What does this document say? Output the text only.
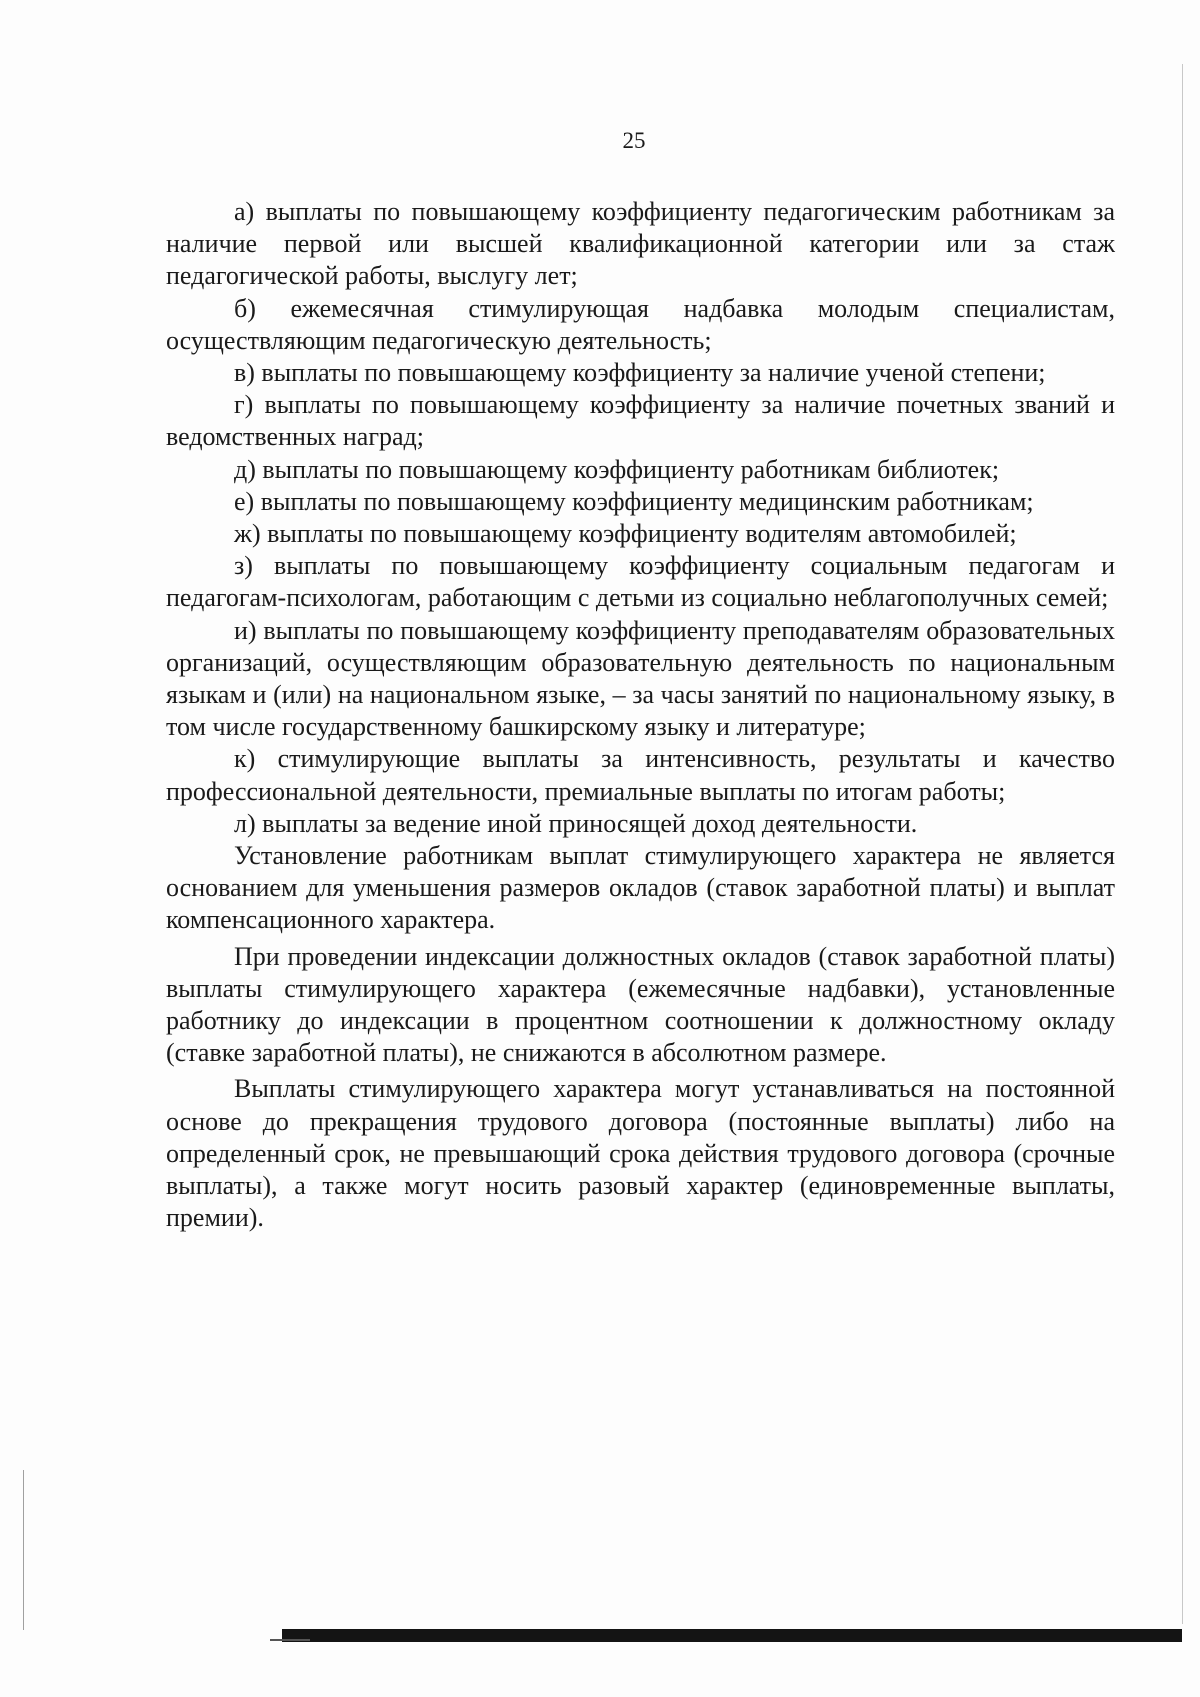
25

а) выплаты по повышающему коэффициенту педагогическим работникам за наличие первой или высшей квалификационной категории или за стаж педагогической работы, выслугу лет;

б) ежемесячная стимулирующая надбавка молодым специалистам, осуществляющим педагогическую деятельность;

в) выплаты по повышающему коэффициенту за наличие ученой степени;

г) выплаты по повышающему коэффициенту за наличие почетных званий и ведомственных наград;

д) выплаты по повышающему коэффициенту работникам библиотек;

е) выплаты по повышающему коэффициенту медицинским работникам;

ж) выплаты по повышающему коэффициенту водителям автомобилей;

з) выплаты по повышающему коэффициенту социальным педагогам и педагогам-психологам, работающим с детьми из социально неблагополучных семей;

и) выплаты по повышающему коэффициенту преподавателям образовательных организаций, осуществляющим образовательную деятельность по национальным языкам и (или) на национальном языке, – за часы занятий по национальному языку, в том числе государственному башкирскому языку и литературе;

к) стимулирующие выплаты за интенсивность, результаты и качество профессиональной деятельности, премиальные выплаты по итогам работы;

л) выплаты за ведение иной приносящей доход деятельности.

Установление работникам выплат стимулирующего характера не является основанием для уменьшения размеров окладов (ставок заработной платы) и выплат компенсационного характера.

При проведении индексации должностных окладов (ставок заработной платы) выплаты стимулирующего характера (ежемесячные надбавки), установленные работнику до индексации в процентном соотношении к должностному окладу (ставке заработной платы), не снижаются в абсолютном размере.

Выплаты стимулирующего характера могут устанавливаться на постоянной основе до прекращения трудового договора (постоянные выплаты) либо на определенный срок, не превышающий срока действия трудового договора (срочные выплаты), а также могут носить разовый характер (единовременные выплаты, премии).
